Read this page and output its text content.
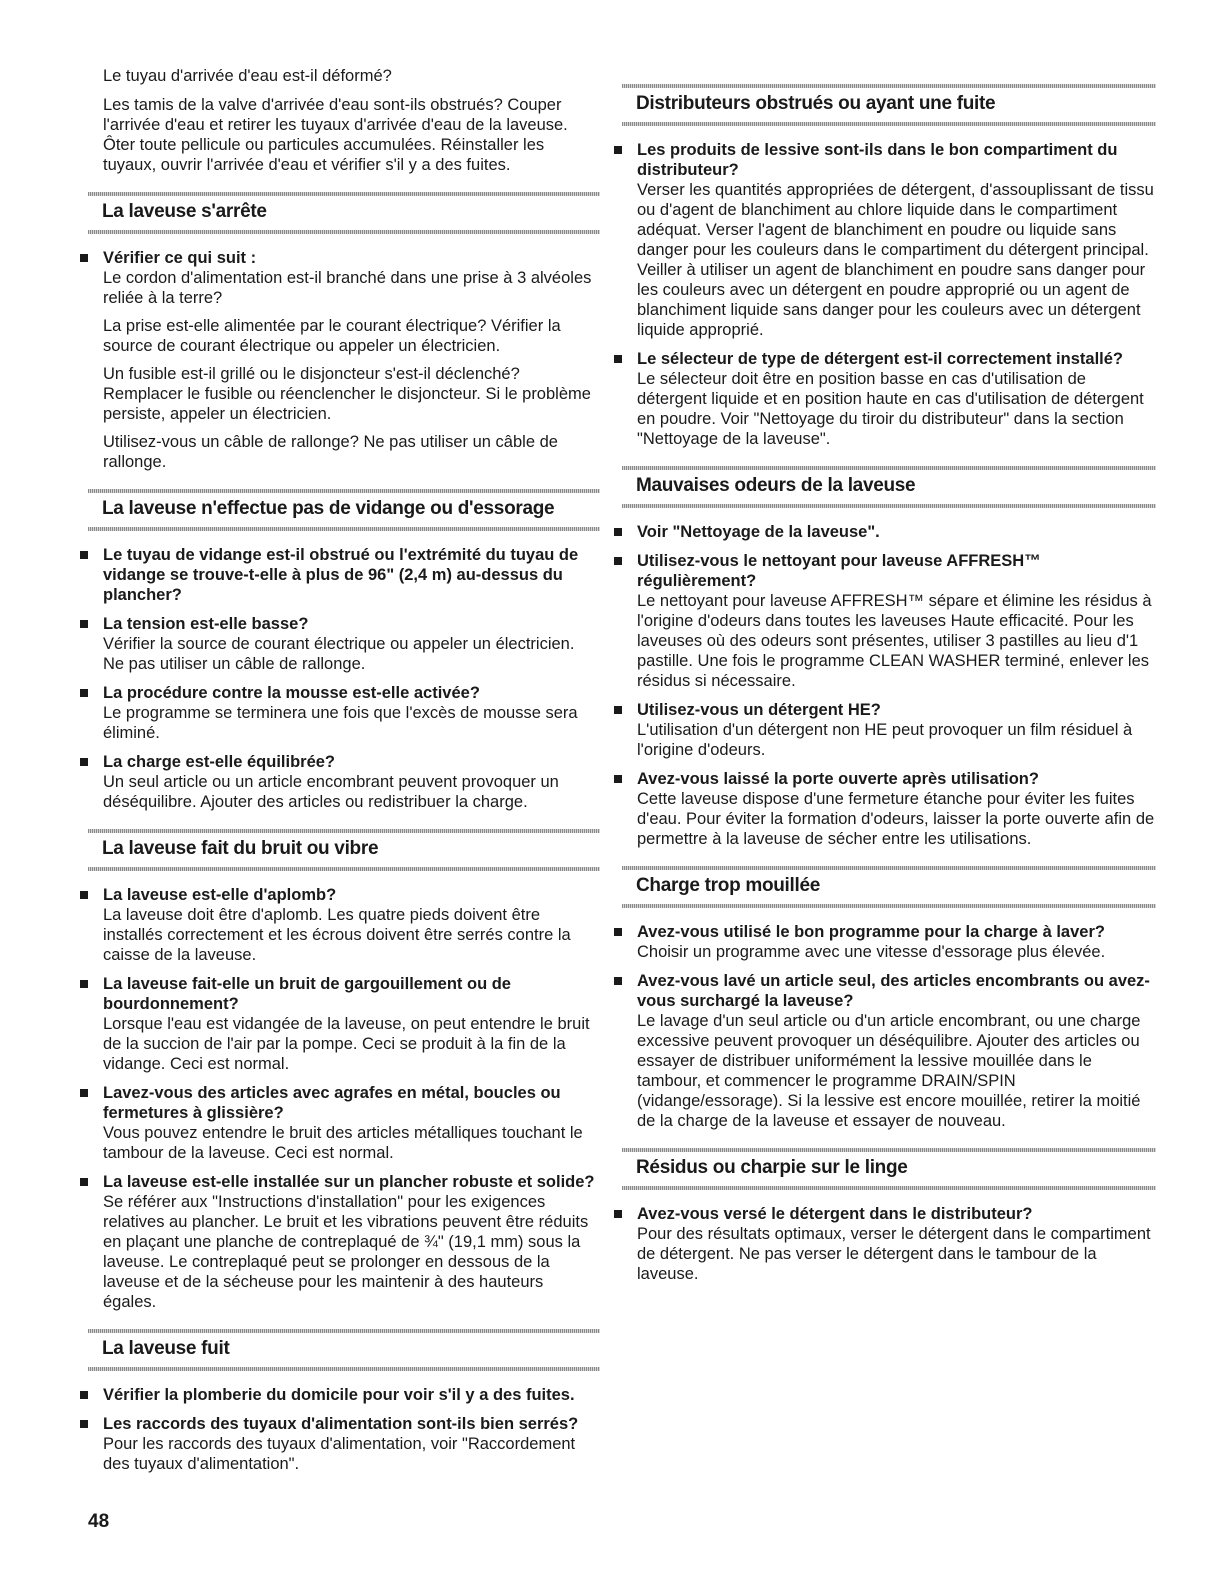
Le tuyau d'arrivée d'eau est-il déformé?

Les tamis de la valve d'arrivée d'eau sont-ils obstrués? Couper l'arrivée d'eau et retirer les tuyaux d'arrivée d'eau de la laveuse. Ôter toute pellicule ou particules accumulées. Réinstaller les tuyaux, ouvrir l'arrivée d'eau et vérifier s'il y a des fuites.

La laveuse s'arrête
Vérifier ce qui suit :

Le cordon d'alimentation est-il branché dans une prise à 3 alvéoles reliée à la terre?

La prise est-elle alimentée par le courant électrique? Vérifier la source de courant électrique ou appeler un électricien.

Un fusible est-il grillé ou le disjoncteur s'est-il déclenché? Remplacer le fusible ou réenclencher le disjoncteur. Si le problème persiste, appeler un électricien.

Utilisez-vous un câble de rallonge? Ne pas utiliser un câble de rallonge.

La laveuse n'effectue pas de vidange ou d'essorage
Le tuyau de vidange est-il obstrué ou l'extrémité du tuyau de vidange se trouve-t-elle à plus de 96" (2,4 m) au-dessus du plancher?
La tension est-elle basse?

Vérifier la source de courant électrique ou appeler un électricien. Ne pas utiliser un câble de rallonge.

La procédure contre la mousse est-elle activée?

Le programme se terminera une fois que l'excès de mousse sera éliminé.

La charge est-elle équilibrée?

Un seul article ou un article encombrant peuvent provoquer un déséquilibre. Ajouter des articles ou redistribuer la charge.

La laveuse fait du bruit ou vibre
La laveuse est-elle d'aplomb?

La laveuse doit être d'aplomb. Les quatre pieds doivent être installés correctement et les écrous doivent être serrés contre la caisse de la laveuse.

La laveuse fait-elle un bruit de gargouillement ou de bourdonnement?

Lorsque l'eau est vidangée de la laveuse, on peut entendre le bruit de la succion de l'air par la pompe. Ceci se produit à la fin de la vidange. Ceci est normal.

Lavez-vous des articles avec agrafes en métal, boucles ou fermetures à glissière?

Vous pouvez entendre le bruit des articles métalliques touchant le tambour de la laveuse. Ceci est normal.

La laveuse est-elle installée sur un plancher robuste et solide?

Se référer aux "Instructions d'installation" pour les exigences relatives au plancher. Le bruit et les vibrations peuvent être réduits en plaçant une planche de contreplaqué de ¾" (19,1 mm) sous la laveuse. Le contreplaqué peut se prolonger en dessous de la laveuse et de la sécheuse pour les maintenir à des hauteurs égales.

La laveuse fuit
Vérifier la plomberie du domicile pour voir s'il y a des fuites.
Les raccords des tuyaux d'alimentation sont-ils bien serrés?

Pour les raccords des tuyaux d'alimentation, voir "Raccordement des tuyaux d'alimentation".

Distributeurs obstrués ou ayant une fuite
Les produits de lessive sont-ils dans le bon compartiment du distributeur?

Verser les quantités appropriées de détergent, d'assouplissant de tissu ou d'agent de blanchiment au chlore liquide dans le compartiment adéquat. Verser l'agent de blanchiment en poudre ou liquide sans danger pour les couleurs dans le compartiment du détergent principal. Veiller à utiliser un agent de blanchiment en poudre sans danger pour les couleurs avec un détergent en poudre approprié ou un agent de blanchiment liquide sans danger pour les couleurs avec un détergent liquide approprié.

Le sélecteur de type de détergent est-il correctement installé?

Le sélecteur doit être en position basse en cas d'utilisation de détergent liquide et en position haute en cas d'utilisation de détergent en poudre. Voir "Nettoyage du tiroir du distributeur" dans la section "Nettoyage de la laveuse".

Mauvaises odeurs de la laveuse
Voir "Nettoyage de la laveuse".
Utilisez-vous le nettoyant pour laveuse AFFRESH™ régulièrement?

Le nettoyant pour laveuse AFFRESH™ sépare et élimine les résidus à l'origine d'odeurs dans toutes les laveuses Haute efficacité. Pour les laveuses où des odeurs sont présentes, utiliser 3 pastilles au lieu d'1 pastille. Une fois le programme CLEAN WASHER terminé, enlever les résidus si nécessaire.

Utilisez-vous un détergent HE?

L'utilisation d'un détergent non HE peut provoquer un film résiduel à l'origine d'odeurs.

Avez-vous laissé la porte ouverte après utilisation?

Cette laveuse dispose d'une fermeture étanche pour éviter les fuites d'eau. Pour éviter la formation d'odeurs, laisser la porte ouverte afin de permettre à la laveuse de sécher entre les utilisations.

Charge trop mouillée
Avez-vous utilisé le bon programme pour la charge à laver?

Choisir un programme avec une vitesse d'essorage plus élevée.

Avez-vous lavé un article seul, des articles encombrants ou avez-vous surchargé la laveuse?

Le lavage d'un seul article ou d'un article encombrant, ou une charge excessive peuvent provoquer un déséquilibre. Ajouter des articles ou essayer de distribuer uniformément la lessive mouillée dans le tambour, et commencer le programme DRAIN/SPIN (vidange/essorage). Si la lessive est encore mouillée, retirer la moitié de la charge de la laveuse et essayer de nouveau.

Résidus ou charpie sur le linge
Avez-vous versé le détergent dans le distributeur?

Pour des résultats optimaux, verser le détergent dans le compartiment de détergent. Ne pas verser le détergent dans le tambour de la laveuse.

48
